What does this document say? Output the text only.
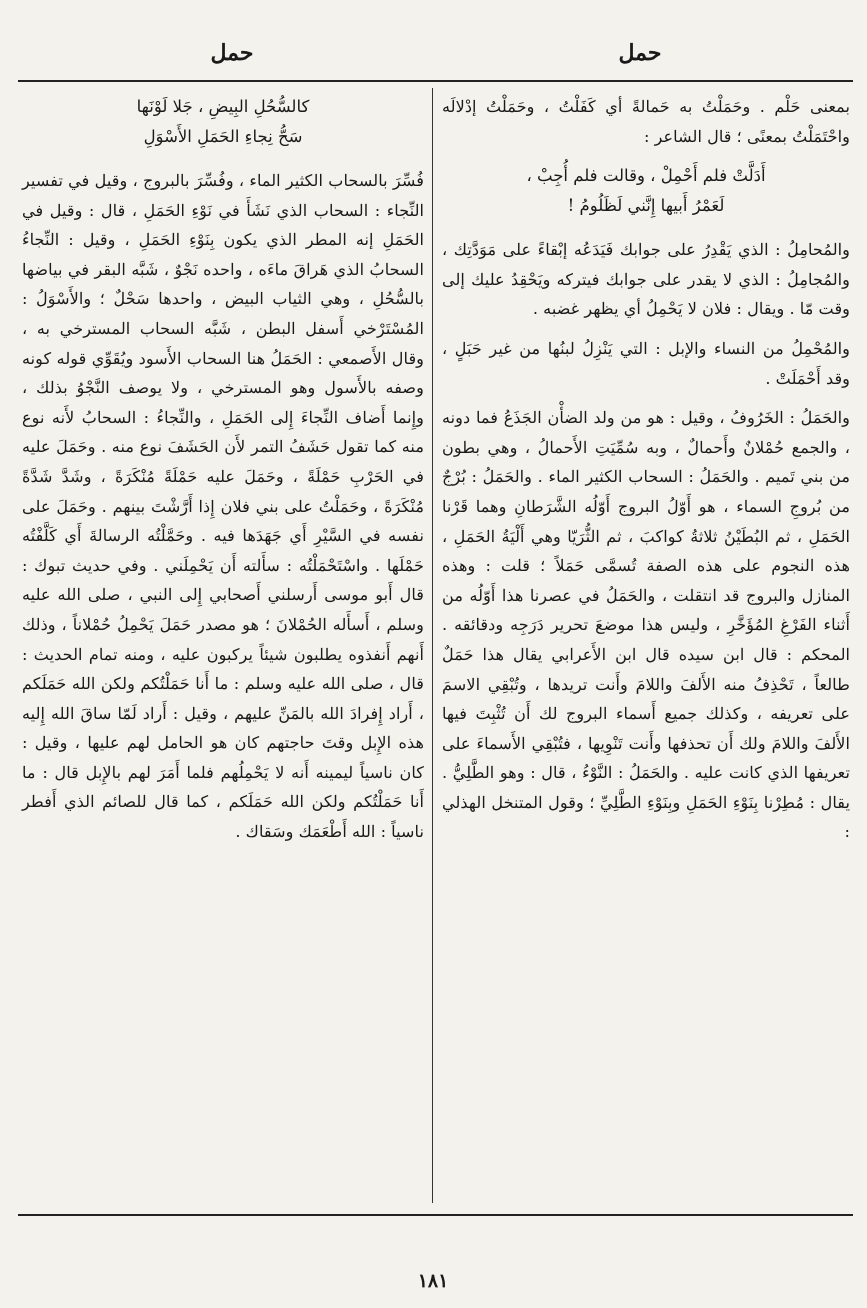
حمل
حمل

بمعنى حَلْم . وحَمَلْتُ به حَمالةً أي كَفَلْتُ ، وحَمَلْتُ إدْلالَه واحْتَمَلْتُ بمعنًى ؛ قال الشاعر :

أَدَلَّتْ فلم أَحْمِلْ ، وقالت فلم أُجِبْ ،
لَعَمْرُ أَبيها إِنَّني لَظَلُومُ !

والمُحامِلُ : الذي يَقْدِرُ على جوابك فَيَدَعُه إبْقاءً على مَوَدَّتِك ، والمُجامِلُ : الذي لا يقدر على جوابك فيتركه ويَحْقِدُ عليك إلى وقت مّا . ويقال : فلان لا يَحْمِلُ أي يظهر غضبه .

والمُحْمِلُ من النساء والإبل : التي يَنْزِلُ لبنُها من غير حَبَلٍ ، وقد أَحْمَلَتْ .

والحَمَلُ : الخَرُوفُ ، وقيل : هو من ولد الضأْن الجَذَعُ فما دونه ، والجمع حُمْلانٌ وأَحمالٌ ، وبه سُمِّيَتِ الأَحمالُ ، وهي بطون من بني تَميم . والحَمَلُ : السحاب الكثير الماء . والحَمَلُ : بُرْجٌ من بُروجِ السماء ، هو أَوّلُ البروج أَوّلُه الشَّرَطانِ وهما قَرْنا الحَمَلِ ، ثم البُطَيْنُ ثلاثةُ كواكبَ ، ثم الثُّرَيّا وهي أَلْيَةُ الحَمَلِ ، هذه النجوم على هذه الصفة تُسمَّى حَمَلاً ؛ قلت : وهذه المنازل والبروج قد انتقلت ، والحَمَلُ في عصرنا هذا أَوّلُه من أَثناء الفَرْغِ المُؤَخَّرِ ، وليس هذا موضعَ تحرير دَرَجِه ودقائقه . المحكم : قال ابن سيده قال ابن الأَعرابي يقال هذا حَمَلٌ طالعاً ، تَحْذِفُ منه الأَلفَ واللامَ وأَنت تريدها ، وتُبْقِي الاسمَ على تعريفه ، وكذلك جميع أَسماء البروج لك أَن تُثْبِتَ فيها الأَلفَ واللامَ ولك أَن تحذفها وأَنت تَنْوِيها ، فتُبْقِي الأَسماءَ على تعريفها الذي كانت عليه . والحَمَلُ : النَّوْءُ ، قال : وهو الطَّلِيُّ . يقال : مُطِرْنا بِنَوْءِ الحَمَلِ وبِنَوْءِ الطَّلِيِّ ؛ وقول المتنخل الهذلي :

كالسُّحُلِ البِيضِ ، جَلا لَوْنَها
سَحُّ نِجاءِ الحَمَلِ الأَسْوَلِ

فُسِّرَ بالسحاب الكثير الماء ، وفُسِّرَ بالبروج ، وقيل في تفسير النِّجاء : السحاب الذي نَشَأَ في نَوْءِ الحَمَلِ ، قال : وقيل في الحَمَلِ إنه المطر الذي يكون بِنَوْءِ الحَمَلِ ، وقيل : النِّجاءُ السحابُ الذي هَراقَ ماءَه ، واحده نَجْوٌ ، شَبَّه البقر في بياضها بالسُّحُلِ ، وهي الثياب البيض ، واحدها سَحْلٌ ؛ والأَسْوَلُ : المُسْتَرْخي أَسفل البطن ، شَبَّه السحاب المسترخي به ، وقال الأَصمعي : الحَمَلُ هنا السحاب الأَسود ويُقَوِّي قوله كونه وصفه بالأَسول وهو المسترخي ، ولا يوصف النَّجْوُ بذلك ، وإِنما أَضاف النِّجاءَ إِلى الحَمَلِ ، والنِّجاءُ : السحابُ لأَنه نوع منه كما تقول حَشَفُ التمر لأَن الحَشَفَ نوع منه . وحَمَلَ عليه في الحَرْبِ حَمْلَةً ، وحَمَلَ عليه حَمْلَةً مُنْكَرَةً ، وشَدَّ شَدَّةً مُنْكَرَةً ، وحَمَلْتُ على بني فلان إِذا أَرَّشْتَ بينهم . وحَمَلَ على نفسه في السَّيْرِ أَي جَهَدَها فيه . وحَمَّلْتُه الرسالةَ أَي كَلَّفْتُه حَمْلَها . واسْتَحْمَلْتُه : سأَلته أَن يَحْمِلَني . وفي حديث تبوك : قال أَبو موسى أَرسلني أَصحابي إِلى النبي ، صلى الله عليه وسلم ، أَسأَله الحُمْلانَ ؛ هو مصدر حَمَلَ يَحْمِلُ حُمْلاناً ، وذلك أَنهم أَنفذوه يطلبون شيئاً يركبون عليه ، ومنه تمام الحديث : قال ، صلى الله عليه وسلم : ما أَنا حَمَلْتُكم ولكن الله حَمَلَكم ، أَراد إِفرادَ الله بالمَنِّ عليهم ، وقيل : أَراد لَمّا ساقَ الله إِليه هذه الإِبل وقتَ حاجتهم كان هو الحامل لهم عليها ، وقيل : كان ناسياً ليمينه أَنه لا يَحْمِلُهم فلما أَمَرَ لهم بالإِبل قال : ما أَنا حَمَلْتُكم ولكن الله حَمَلَكم ، كما قال للصائم الذي أَفطر ناسياً : الله أَطْعَمَك وسَقاك .

١٨١
